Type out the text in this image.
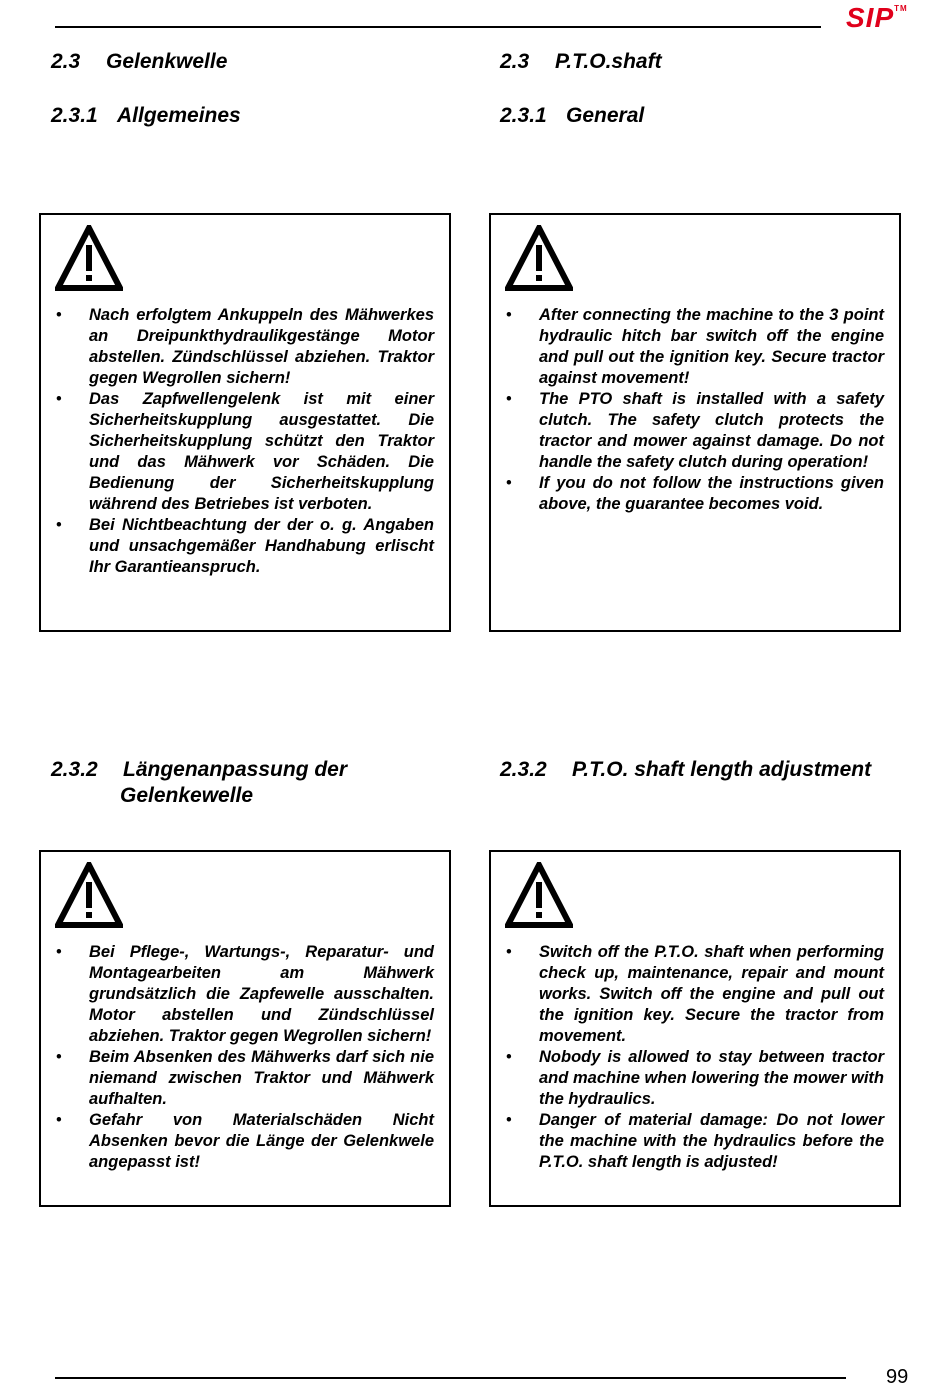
SIP™
2.3 Gelenkwelle
2.3.1 Allgemeines
2.3 P.T.O.shaft
2.3.1 General
• Nach erfolgtem Ankuppeln des Mähwerkes an Dreipunkthydraulikgestänge Motor abstellen. Zündschlüssel abziehen. Traktor gegen Wegrollen sichern!
• Das Zapfwellengelenk ist mit einer Sicherheitskupplung ausgestattet. Die Sicherheitskupplung schützt den Traktor und das Mähwerk vor Schäden. Die Bedienung der Sicherheitskupplung während des Betriebes ist verboten.
• Bei Nichtbeachtung der der o. g. Angaben und unsachgemäßer Handhabung erlischt Ihr Garantieanspruch.
• After connecting the machine to the 3 point hydraulic hitch bar switch off the engine and pull out the ignition key. Secure tractor against movement!
• The PTO shaft is installed with a safety clutch. The safety clutch protects the tractor and mower against damage. Do not handle the safety clutch during operation!
• If you do not follow the instructions given above, the guarantee becomes void.
2.3.2 Längenanpassung der
Gelenkewelle
2.3.2 P.T.O. shaft length adjustment
• Bei Pflege-, Wartungs-, Reparatur- und Montagearbeiten am Mähwerk grundsätzlich die Zapfewelle ausschalten. Motor abstellen und Zündschlüssel abziehen. Traktor gegen Wegrollen sichern!
• Beim Absenken des Mähwerks darf sich nie niemand zwischen Traktor und Mähwerk aufhalten.
• Gefahr von Materialschäden Nicht Absenken bevor die Länge der Gelenkwele angepasst ist!
• Switch off the P.T.O. shaft when performing check up, maintenance, repair and mount works. Switch off the engine and pull out the ignition key. Secure the tractor from movement.
• Nobody is allowed to stay between tractor and machine when lowering the mower with the hydraulics.
• Danger of material damage: Do not lower the machine with the hydraulics before the P.T.O. shaft length is adjusted!
99
